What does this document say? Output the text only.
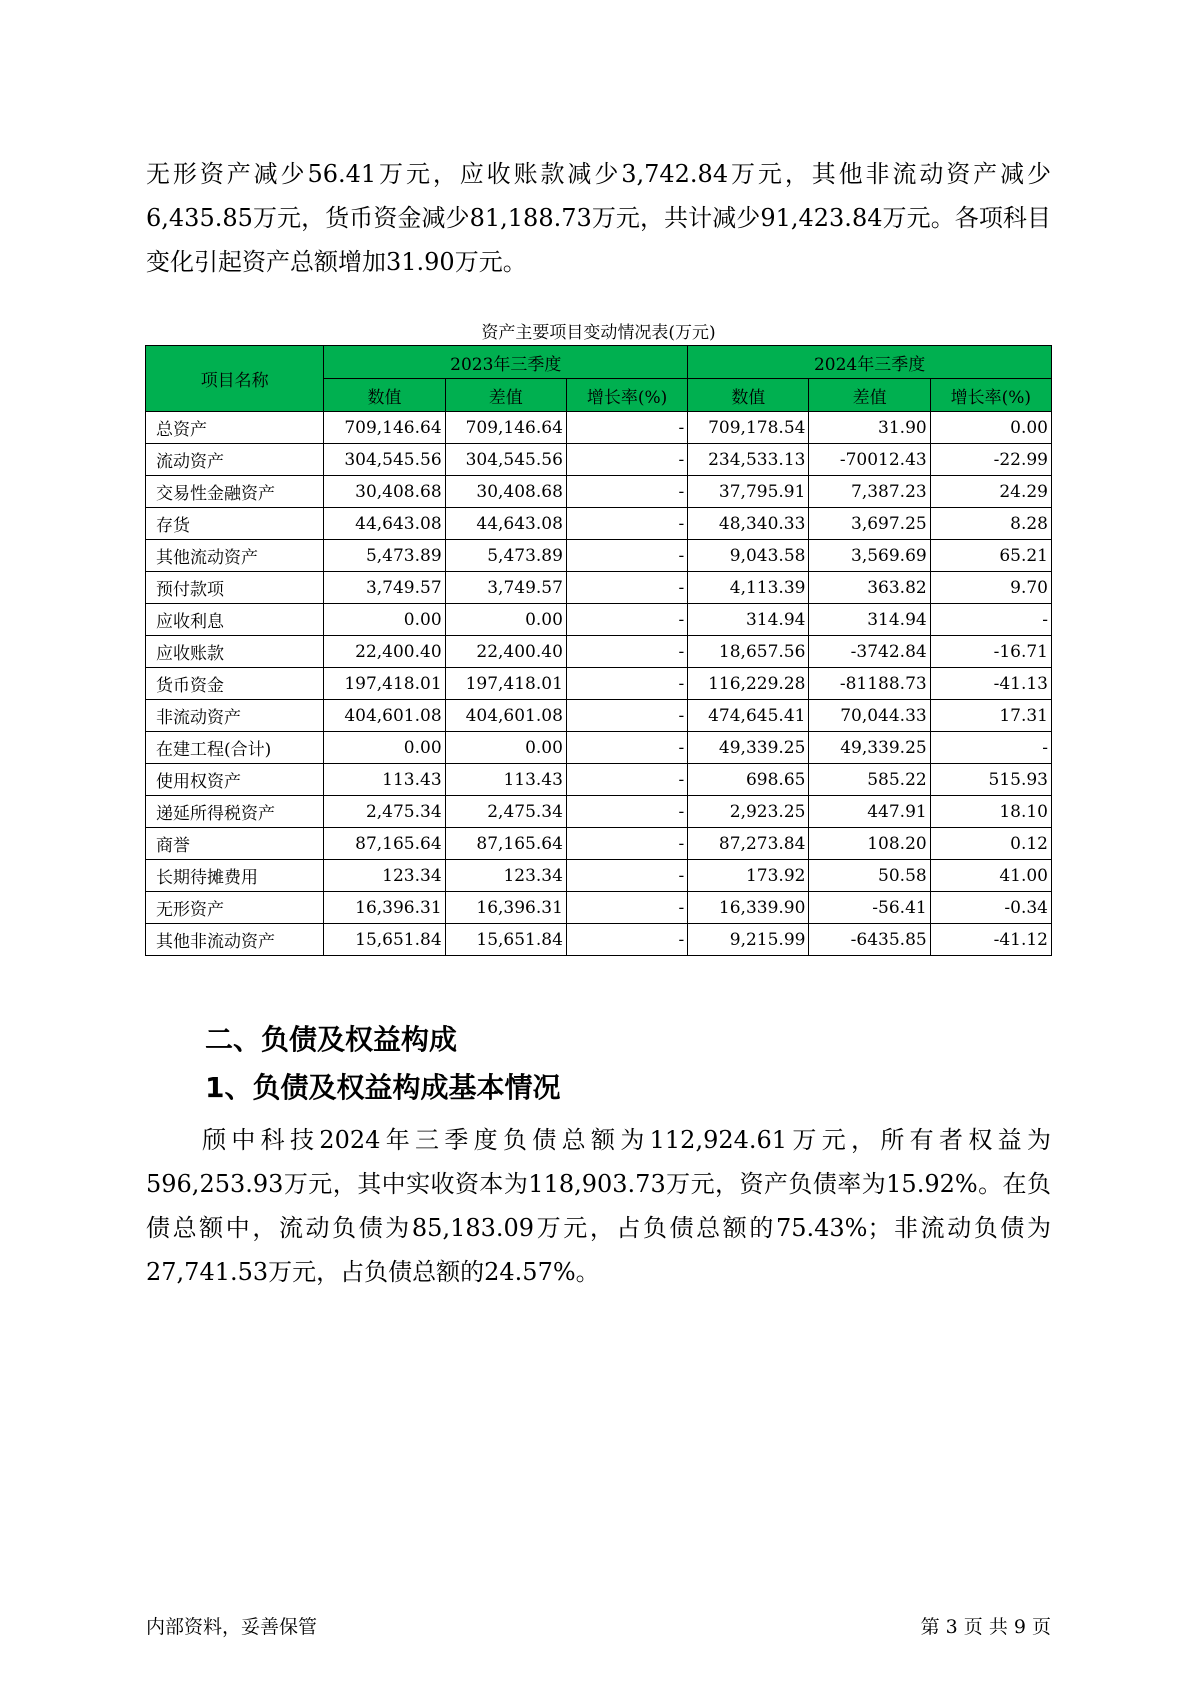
无形资产减少56.41万元，应收账款减少3,742.84万元，其他非流动资产减少6,435.85万元，货币资金减少81,188.73万元，共计减少91,423.84万元。各项科目变化引起资产总额增加31.90万元。

资产主要项目变动情况表(万元)
项目名称	2023年三季度			2024年三季度		
	数值	差值	增长率(%)	数值	差值	增长率(%)
总资产	709,146.64	709,146.64	-	709,178.54	31.90	0.00
流动资产	304,545.56	304,545.56	-	234,533.13	-70012.43	-22.99
交易性金融资产	30,408.68	30,408.68	-	37,795.91	7,387.23	24.29
存货	44,643.08	44,643.08	-	48,340.33	3,697.25	8.28
其他流动资产	5,473.89	5,473.89	-	9,043.58	3,569.69	65.21
预付款项	3,749.57	3,749.57	-	4,113.39	363.82	9.70
应收利息	0.00	0.00	-	314.94	314.94	-
应收账款	22,400.40	22,400.40	-	18,657.56	-3742.84	-16.71
货币资金	197,418.01	197,418.01	-	116,229.28	-81188.73	-41.13
非流动资产	404,601.08	404,601.08	-	474,645.41	70,044.33	17.31
在建工程(合计)	0.00	0.00	-	49,339.25	49,339.25	-
使用权资产	113.43	113.43	-	698.65	585.22	515.93
递延所得税资产	2,475.34	2,475.34	-	2,923.25	447.91	18.10
商誉	87,165.64	87,165.64	-	87,273.84	108.20	0.12
长期待摊费用	123.34	123.34	-	173.92	50.58	41.00
无形资产	16,396.31	16,396.31	-	16,339.90	-56.41	-0.34
其他非流动资产	15,651.84	15,651.84	-	9,215.99	-6435.85	-41.12
二、负债及权益构成
1、负债及权益构成基本情况

颀中科技2024年三季度负债总额为112,924.61万元，所有者权益为596,253.93万元，其中实收资本为118,903.73万元，资产负债率为15.92%。在负债总额中，流动负债为85,183.09万元，占负债总额的75.43%；非流动负债为27,741.53万元，占负债总额的24.57%。

内部资料，妥善保管	第 3 页 共 9 页
